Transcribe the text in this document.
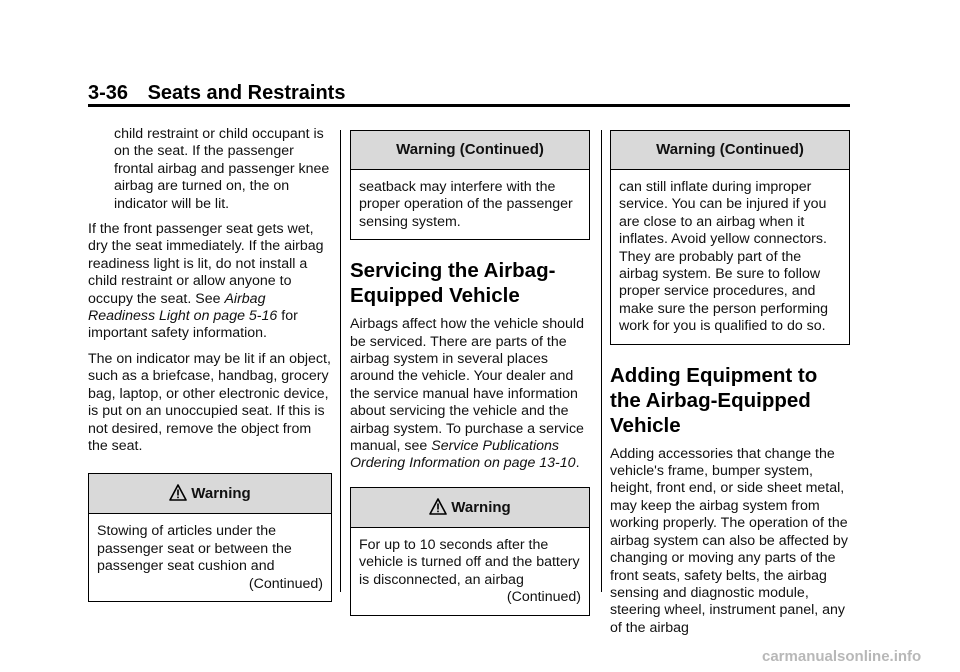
3-36 Seats and Restraints

child restraint or child occupant is on the seat. If the passenger frontal airbag and passenger knee airbag are turned on, the on indicator will be lit.

If the front passenger seat gets wet, dry the seat immediately. If the airbag readiness light is lit, do not install a child restraint or allow anyone to occupy the seat. See Airbag Readiness Light on page 5-16 for important safety information.

The on indicator may be lit if an object, such as a briefcase, handbag, grocery bag, laptop, or other electronic device, is put on an unoccupied seat. If this is not desired, remove the object from the seat.

Warning

Stowing of articles under the passenger seat or between the passenger seat cushion and

(Continued)

Warning (Continued)

seatback may interfere with the proper operation of the passenger sensing system.

Servicing the Airbag-Equipped Vehicle

Airbags affect how the vehicle should be serviced. There are parts of the airbag system in several places around the vehicle. Your dealer and the service manual have information about servicing the vehicle and the airbag system. To purchase a service manual, see Service Publications Ordering Information on page 13-10.

Warning

For up to 10 seconds after the vehicle is turned off and the battery is disconnected, an airbag

(Continued)

Warning (Continued)

can still inflate during improper service. You can be injured if you are close to an airbag when it inflates. Avoid yellow connectors. They are probably part of the airbag system. Be sure to follow proper service procedures, and make sure the person performing work for you is qualified to do so.

Adding Equipment to the Airbag-Equipped Vehicle

Adding accessories that change the vehicle's frame, bumper system, height, front end, or side sheet metal, may keep the airbag system from working properly. The operation of the airbag system can also be affected by changing or moving any parts of the front seats, safety belts, the airbag sensing and diagnostic module, steering wheel, instrument panel, any of the airbag

carmanualsonline.info
